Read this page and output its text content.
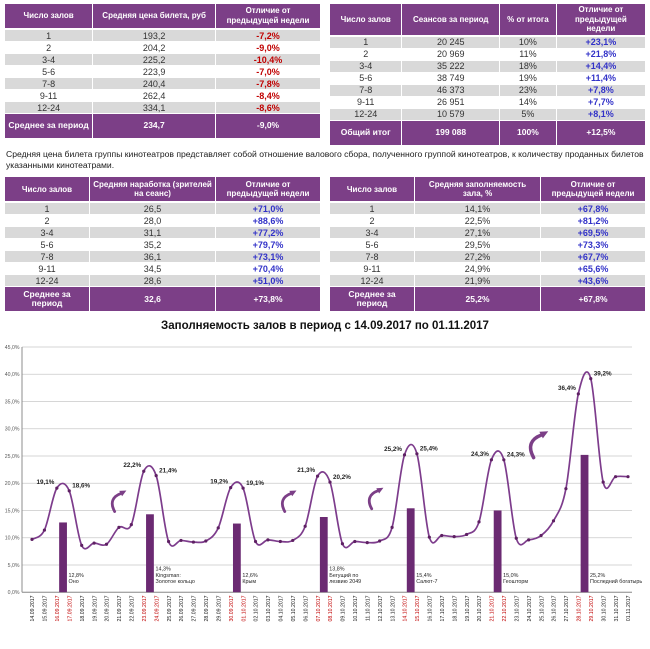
Число залов	Средняя цена билета, руб	Отличие от предыдущей недели
1	193,2	-7,2%
2	204,2	-9,0%
3-4	225,2	-10,4%
5-6	223,9	-7,0%
7-8	240,4	-7,8%
9-11	262,4	-8,4%
12-24	334,1	-8,6%
Среднее за период	234,7	-9,0%
Число залов	Сеансов за период	% от итога	Отличие от предыдущей недели
1	20 245	10%	+23,1%
2	20 969	11%	+21,8%
3-4	35 222	18%	+14,4%
5-6	38 749	19%	+11,4%
7-8	46 373	23%	+7,8%
9-11	26 951	14%	+7,7%
12-24	10 579	5%	+8,1%
Общий итог	199 088	100%	+12,5%

Средняя цена билета группы кинотеатров представляет собой отношение валового сбора, полученного группой кинотеатров, к количеству проданных билетов указанными кинотеатрами.

Число залов	Средняя наработка (зрителей на сеанс)	Отличие от предыдущей недели
1	26,5	+71,0%
2	28,0	+88,6%
3-4	31,1	+77,2%
5-6	35,2	+79,7%
7-8	36,1	+73,1%
9-11	34,5	+70,4%
12-24	28,6	+51,0%
Среднее за период	32,6	+73,8%
Число залов	Средняя заполняемость зала, %	Отличие от предыдущей недели
1	14,1%	+67,8%
2	22,5%	+81,2%
3-4	27,1%	+69,5%
5-6	29,5%	+73,3%
7-8	27,2%	+67,7%
9-11	24,9%	+65,6%
12-24	21,9%	+43,6%
Среднее за период	25,2%	+67,8%
Заполняемость залов в период с 14.09.2017 по 01.11.2017
0,0%
5,0%
10,0%
15,0%
20,0%
25,0%
30,0%
35,0%
40,0%
45,0%
19,1%
18,6%
22,2%
21,4%
19,2%	19,1%
21,3%
20,2%
25,2%	25,4%
24,3%	24,3%
36,4%
39,2%
12,8%
Оно
14,3%
Kingsman:
Золотое кольцо
12,6%
Крым
13,8%
Бегущий по
лезвию 2049
15,4%
Салют-7
15,0%
Геошторм
25,2%
Последний богатырь
14.09.2017 15.09.2017 16.09.2017 17.09.2017 18.09.2017 19.09.2017 20.09.2017 21.09.2017 22.09.2017 23.09.2017 24.09.2017 25.09.2017 26.09.2017 27.09.2017 28.09.2017 29.09.2017 30.09.2017 01.10.2017 02.10.2017 03.10.2017 04.10.2017 05.10.2017 06.10.2017 07.10.2017 08.10.2017 09.10.2017 10.10.2017 11.10.2017 12.10.2017 13.10.2017 14.10.2017 15.10.2017 16.10.2017 17.10.2017 18.10.2017 19.10.2017 20.10.2017 21.10.2017 22.10.2017 23.10.2017 24.10.2017 25.10.2017 26.10.2017 27.10.2017 28.10.2017 29.10.2017 30.10.2017 31.10.2017 01.11.2017
